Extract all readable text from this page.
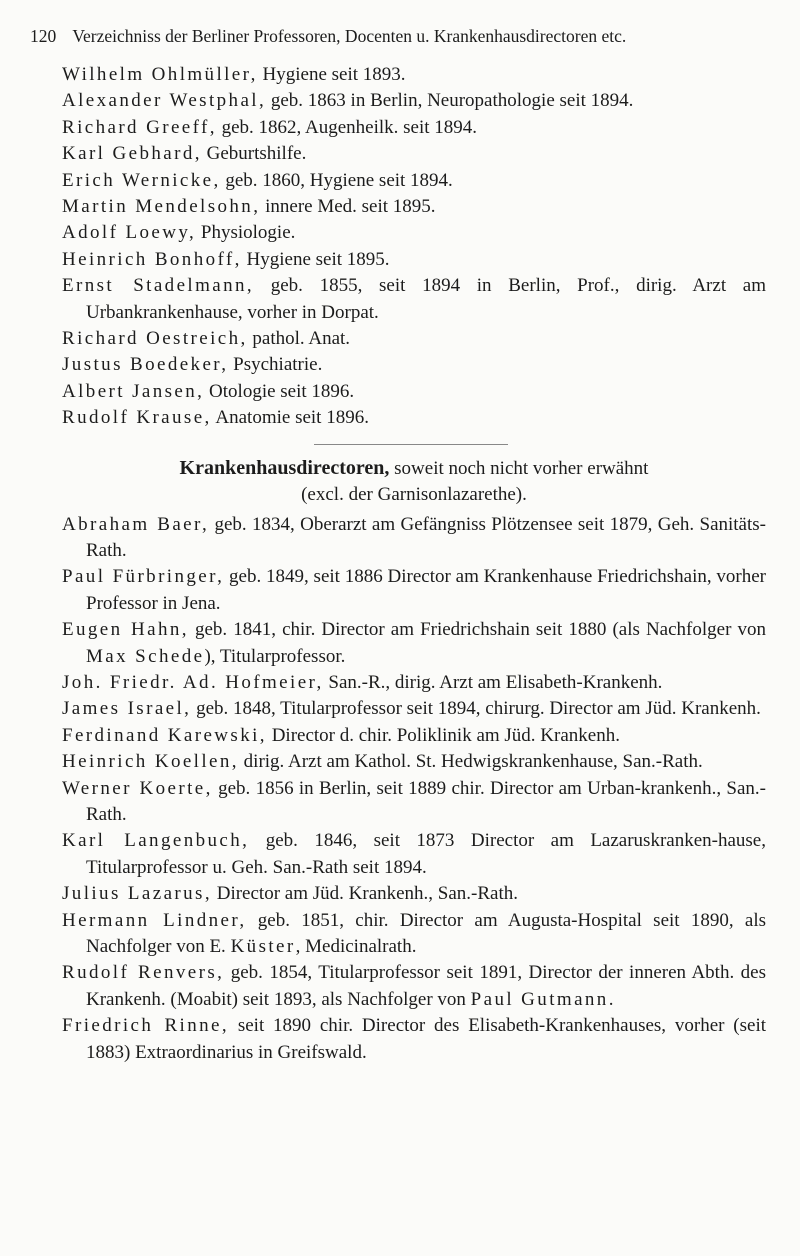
120 Verzeichniss der Berliner Professoren, Docenten u. Krankenhausdirectoren etc.
Wilhelm Ohlmüller, Hygiene seit 1893.
Alexander Westphal, geb. 1863 in Berlin, Neuropathologie seit 1894.
Richard Greeff, geb. 1862, Augenheilk. seit 1894.
Karl Gebhard, Geburtshilfe.
Erich Wernicke, geb. 1860, Hygiene seit 1894.
Martin Mendelsohn, innere Med. seit 1895.
Adolf Loewy, Physiologie.
Heinrich Bonhoff, Hygiene seit 1895.
Ernst Stadelmann, geb. 1855, seit 1894 in Berlin, Prof., dirig. Arzt am Urbankrankenhause, vorher in Dorpat.
Richard Oestreich, pathol. Anat.
Justus Boedeker, Psychiatrie.
Albert Jansen, Otologie seit 1896.
Rudolf Krause, Anatomie seit 1896.
Krankenhausdirectoren, soweit noch nicht vorher erwähnt
(excl. der Garnisonlazarethe).
Abraham Baer, geb. 1834, Oberarzt am Gefängniss Plötzensee seit 1879, Geh. Sanitäts-Rath.
Paul Fürbringer, geb. 1849, seit 1886 Director am Krankenhause Friedrichshain, vorher Professor in Jena.
Eugen Hahn, geb. 1841, chir. Director am Friedrichshain seit 1880 (als Nachfolger von Max Schede), Titularprofessor.
Joh. Friedr. Ad. Hofmeier, San.-R., dirig. Arzt am Elisabeth-Krankenh.
James Israel, geb. 1848, Titularprofessor seit 1894, chirurg. Director am Jüd. Krankenh.
Ferdinand Karewski, Director d. chir. Poliklinik am Jüd. Krankenh.
Heinrich Koellen, dirig. Arzt am Kathol. St. Hedwigskrankenhause, San.-Rath.
Werner Koerte, geb. 1856 in Berlin, seit 1889 chir. Director am Urban-krankenh., San.-Rath.
Karl Langenbuch, geb. 1846, seit 1873 Director am Lazaruskranken-hause, Titularprofessor u. Geh. San.-Rath seit 1894.
Julius Lazarus, Director am Jüd. Krankenh., San.-Rath.
Hermann Lindner, geb. 1851, chir. Director am Augusta-Hospital seit 1890, als Nachfolger von E. Küster, Medicinalrath.
Rudolf Renvers, geb. 1854, Titularprofessor seit 1891, Director der inneren Abth. des Krankenh. (Moabit) seit 1893, als Nachfolger von Paul Gutmann.
Friedrich Rinne, seit 1890 chir. Director des Elisabeth-Krankenhauses, vorher (seit 1883) Extraordinarius in Greifswald.
